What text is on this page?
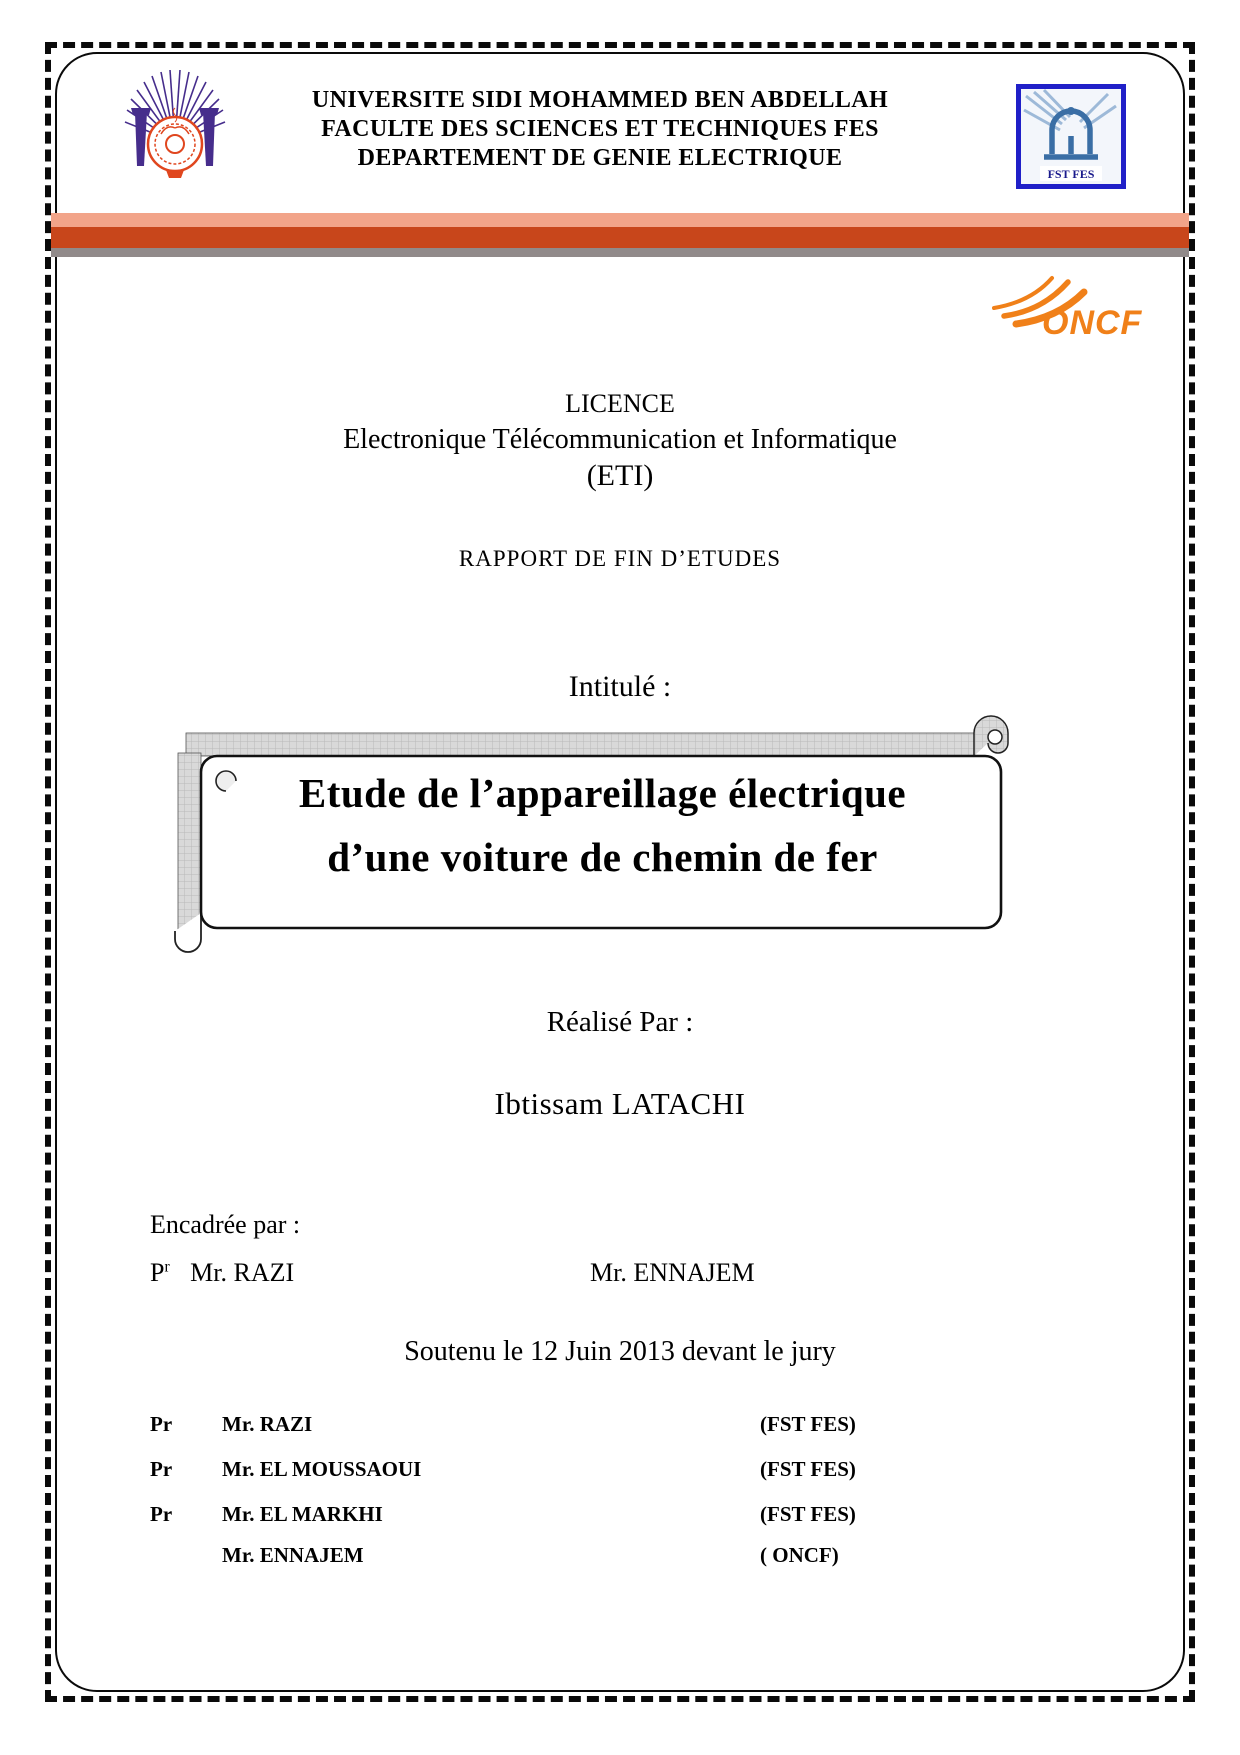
UNIVERSITE SIDI MOHAMMED BEN ABDELLAH
FACULTE DES SCIENCES ET TECHNIQUES FES
DEPARTEMENT DE GENIE ELECTRIQUE
FST FES
ONCF
LICENCE
Electronique Télécommunication et Informatique
(ETI)
RAPPORT DE FIN D’ETUDES
Intitulé :
Etude de l’appareillage électrique
d’une voiture de chemin de fer
Réalisé Par :
Ibtissam LATACHI
Encadrée par :
$P^r$ Mr. RAZI	Mr. ENNAJEM
Soutenu le 12 Juin 2013 devant le jury
Pr Mr. RAZI	(FST FES)
Pr Mr. EL MOUSSAOUI	(FST FES)
Pr Mr. EL MARKHI	(FST FES)
Mr. ENNAJEM	( ONCF)
